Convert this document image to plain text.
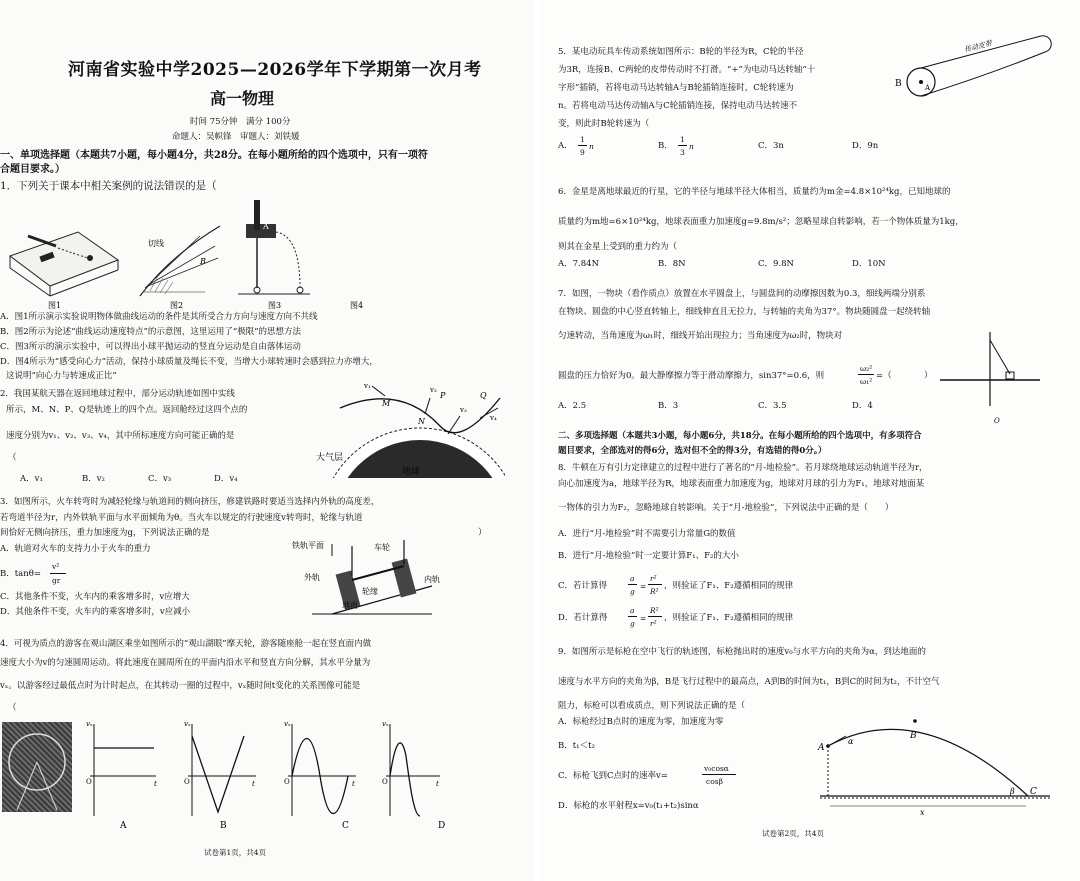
河南省实验中学2025—2026学年下学期第一次月考
高一物理
时间 75分钟　满分 100分
命题人：吴帜锋　审题人：刘铁媛
一、单项选择题（本题共7小题，每小题4分，共28分。在每小题所给的四个选项中，只有一项符
合题目要求。）
1．下列关于课本中相关案例的说法错误的是（
切线
B
A
图1	图2	图3	图4
A．图1所示演示实验说明物体做曲线运动的条件是其所受合力方向与速度方向不共线
B．图2所示为论述“曲线运动速度特点”的示意图，这里运用了“极限”的思想方法
C．图3所示的演示实验中，可以得出小球平抛运动的竖直分运动是自由落体运动
D．图4所示为“感受向心力”活动，保持小球质量及绳长不变，当增大小球转速时会感到拉力亦增大，
这说明“向心力与转速成正比”
2．我国某航天器在返回地球过程中，部分运动轨迹如图中实线
所示，M、N、P、Q是轨迹上的四个点。返回舱经过这四个点的
速度分别为v₁、v₂、v₃、v₄，其中所标速度方向可能正确的是
（
M
N
P	Q
v₁	v₂
v₃
v₄
大气层
地球
A．v₁	B．v₂	C．v₃	D．v₄
3．如图所示，火车转弯时为减轻轮缘与轨道间的侧向挤压，修建铁路时要适当选择内外轨的高度差，
若弯道半径为r，内外铁轨平面与水平面倾角为θ。当火车以规定的行驶速度v转弯时，轮缘与轨道
间恰好无侧向挤压，重力加速度为g，下列说法正确的是	）
A．轨道对火车的支持力小于火车的重力
B．tanθ=
v²
gr
C．其他条件不变，火车内的乘客增多时，v应增大
D．其他条件不变，火车内的乘客增多时，v应减小
铁轨平面	车轮
外轨
轮缘
内轨
地面
4．可视为质点的游客在观山湖区乘坐如图所示的“观山湖眼”摩天轮，游客随座舱一起在竖直面内做
速度大小为v的匀速圆周运动。将此速度在圆周所在的平面内沿水平和竖直方向分解，其水平分量为
vₓ。以游客经过最低点时为计时起点，在其转动一圈的过程中，vₓ随时间t变化的关系图像可能是
（
vₓ
t
O
A
vₓ
t
O
B
vₓ
t
O
C
vₓ
t
O
D
试卷第1页，共4页
5．某电动玩具车传动系统如图所示：B轮的半径为R，C轮的半径
为3R，连接B、C两轮的皮带传动时不打滑。“+”为电动马达转轴“十
字形”插销，若将电动马达转轴A与B轮插销连接时，C轮转速为
n。若将电动马达传动轴A与C轮插销连接，保持电动马达转速不
变，则此时B轮转速为（
B	A
传动皮带
A．
1
9
n	B．
1
3
n	C．3n	D．9n
6．金星是离地球最近的行星，它的半径与地球半径大体相当，质量约为m金=4.8×10²⁴kg，已知地球的
质量约为m地=6×10²⁴kg，地球表面重力加速度g=9.8m/s²；忽略星球自转影响，若一个物体质量为1kg，
则其在金星上受到的重力约为（
A．7.84N	B．8N	C．9.8N	D．10N
7．如图，一物块（看作质点）放置在水平圆盘上，与圆盘间的动摩擦因数为0.3，细线两端分别系
在物块、圆盘的中心竖直转轴上，细线伸直且无拉力，与转轴的夹角为37°。物块随圆盘一起绕转轴
匀速转动，当角速度为ω₁时，细线开始出现拉力；当角速度为ω₂时，物块对
圆盘的压力恰好为0。最大静摩擦力等于滑动摩擦力，sin37°=0.6，则
ω₂²
ω₁²
=（	）
O
A．2.5	B．3	C．3.5	D．4
二、多项选择题（本题共3小题，每小题6分，共18分。在每小题所给的四个选项中，有多项符合
题目要求，全部选对的得6分，选对但不全的得3分，有选错的得0分。）
8．牛顿在万有引力定律建立的过程中进行了著名的“月-地检验”。若月球绕地球运动轨道半径为r，
向心加速度为a，地球半径为R，地球表面重力加速度为g，地球对月球的引力为F₁，地球对地面某
一物体的引力为F₂，忽略地球自转影响。关于“月-地检验”，下列说法中正确的是（　　）
A．进行“月-地检验”时不需要引力常量G的数值
B．进行“月-地检验”时一定要计算F₁、F₂的大小
C．若计算得
a
g
=
r²
R²
，则验证了F₁、F₂遵循相同的规律
D．若计算得
a
g
=
R²
r²
，则验证了F₁、F₂遵循相同的规律
9．如图所示是标枪在空中飞行的轨迹图，标枪抛出时的速度v₀与水平方向的夹角为α，到达地面的
速度与水平方向的夹角为β，B是飞行过程中的最高点，A到B的时间为t₁，B到C的时间为t₂，不计空气
阻力，标枪可以看成质点，则下列说法正确的是（
A．标枪经过B点时的速度为零，加速度为零
B．t₁＜t₂
C．标枪飞到C点时的速率v=
v₀cosα
cosβ
D．标枪的水平射程x=v₀(t₁+t₂)sinα
A
B
C
α
β
x
试卷第2页，共4页
